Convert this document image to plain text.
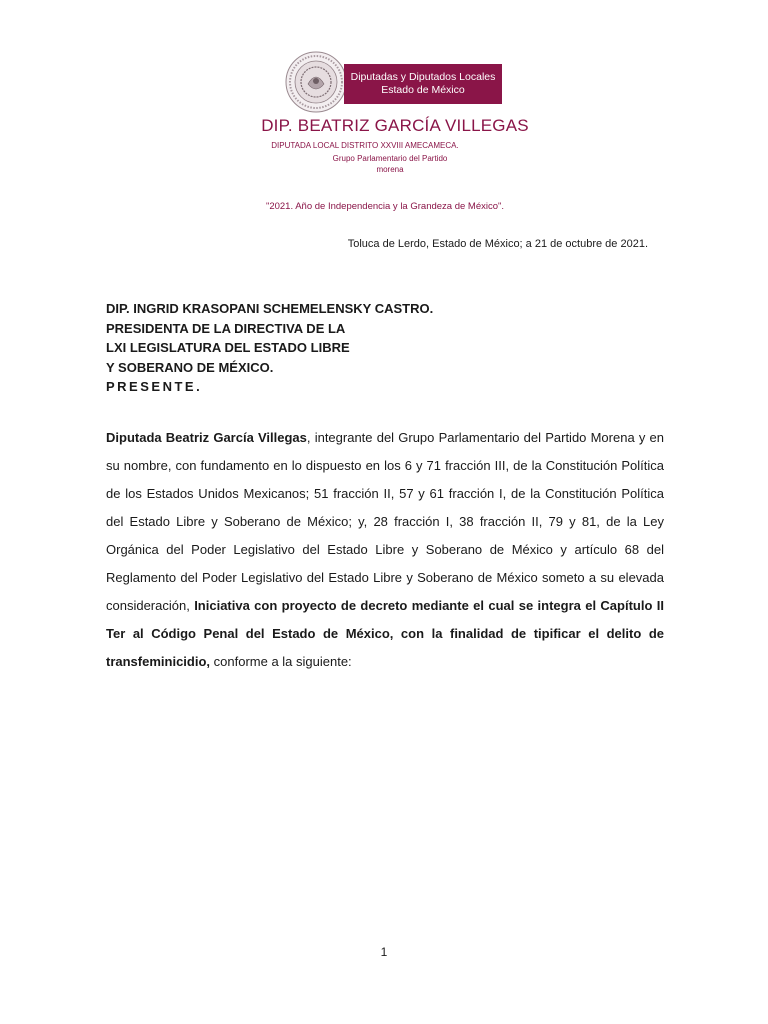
Diputadas y Diputados Locales
Estado de México
DIP. BEATRIZ GARCÍA VILLEGAS
DIPUTADA LOCAL DISTRITO XXVIII AMECAMECA.
Grupo Parlamentario del Partido
morena
"2021. Año de Independencia y la Grandeza de México".
Toluca de Lerdo, Estado de México; a 21 de octubre de 2021.
DIP. INGRID KRASOPANI SCHEMELENSKY CASTRO.
PRESIDENTA DE LA DIRECTIVA DE LA
LXI LEGISLATURA DEL ESTADO LIBRE
Y SOBERANO DE MÉXICO.
PRESENTE.
Diputada Beatriz García Villegas, integrante del Grupo Parlamentario del Partido Morena y en su nombre, con fundamento en lo dispuesto en los 6 y 71 fracción III, de la Constitución Política de los Estados Unidos Mexicanos; 51 fracción II, 57 y 61 fracción I, de la Constitución Política del Estado Libre y Soberano de México; y, 28 fracción I, 38 fracción II, 79 y 81, de la Ley Orgánica del Poder Legislativo del Estado Libre y Soberano de México y artículo 68 del Reglamento del Poder Legislativo del Estado Libre y Soberano de México someto a su elevada consideración, Iniciativa con proyecto de decreto mediante el cual se integra el Capítulo II Ter al Código Penal del Estado de México, con la finalidad de tipificar el delito de transfeminicidio, conforme a la siguiente:
1
